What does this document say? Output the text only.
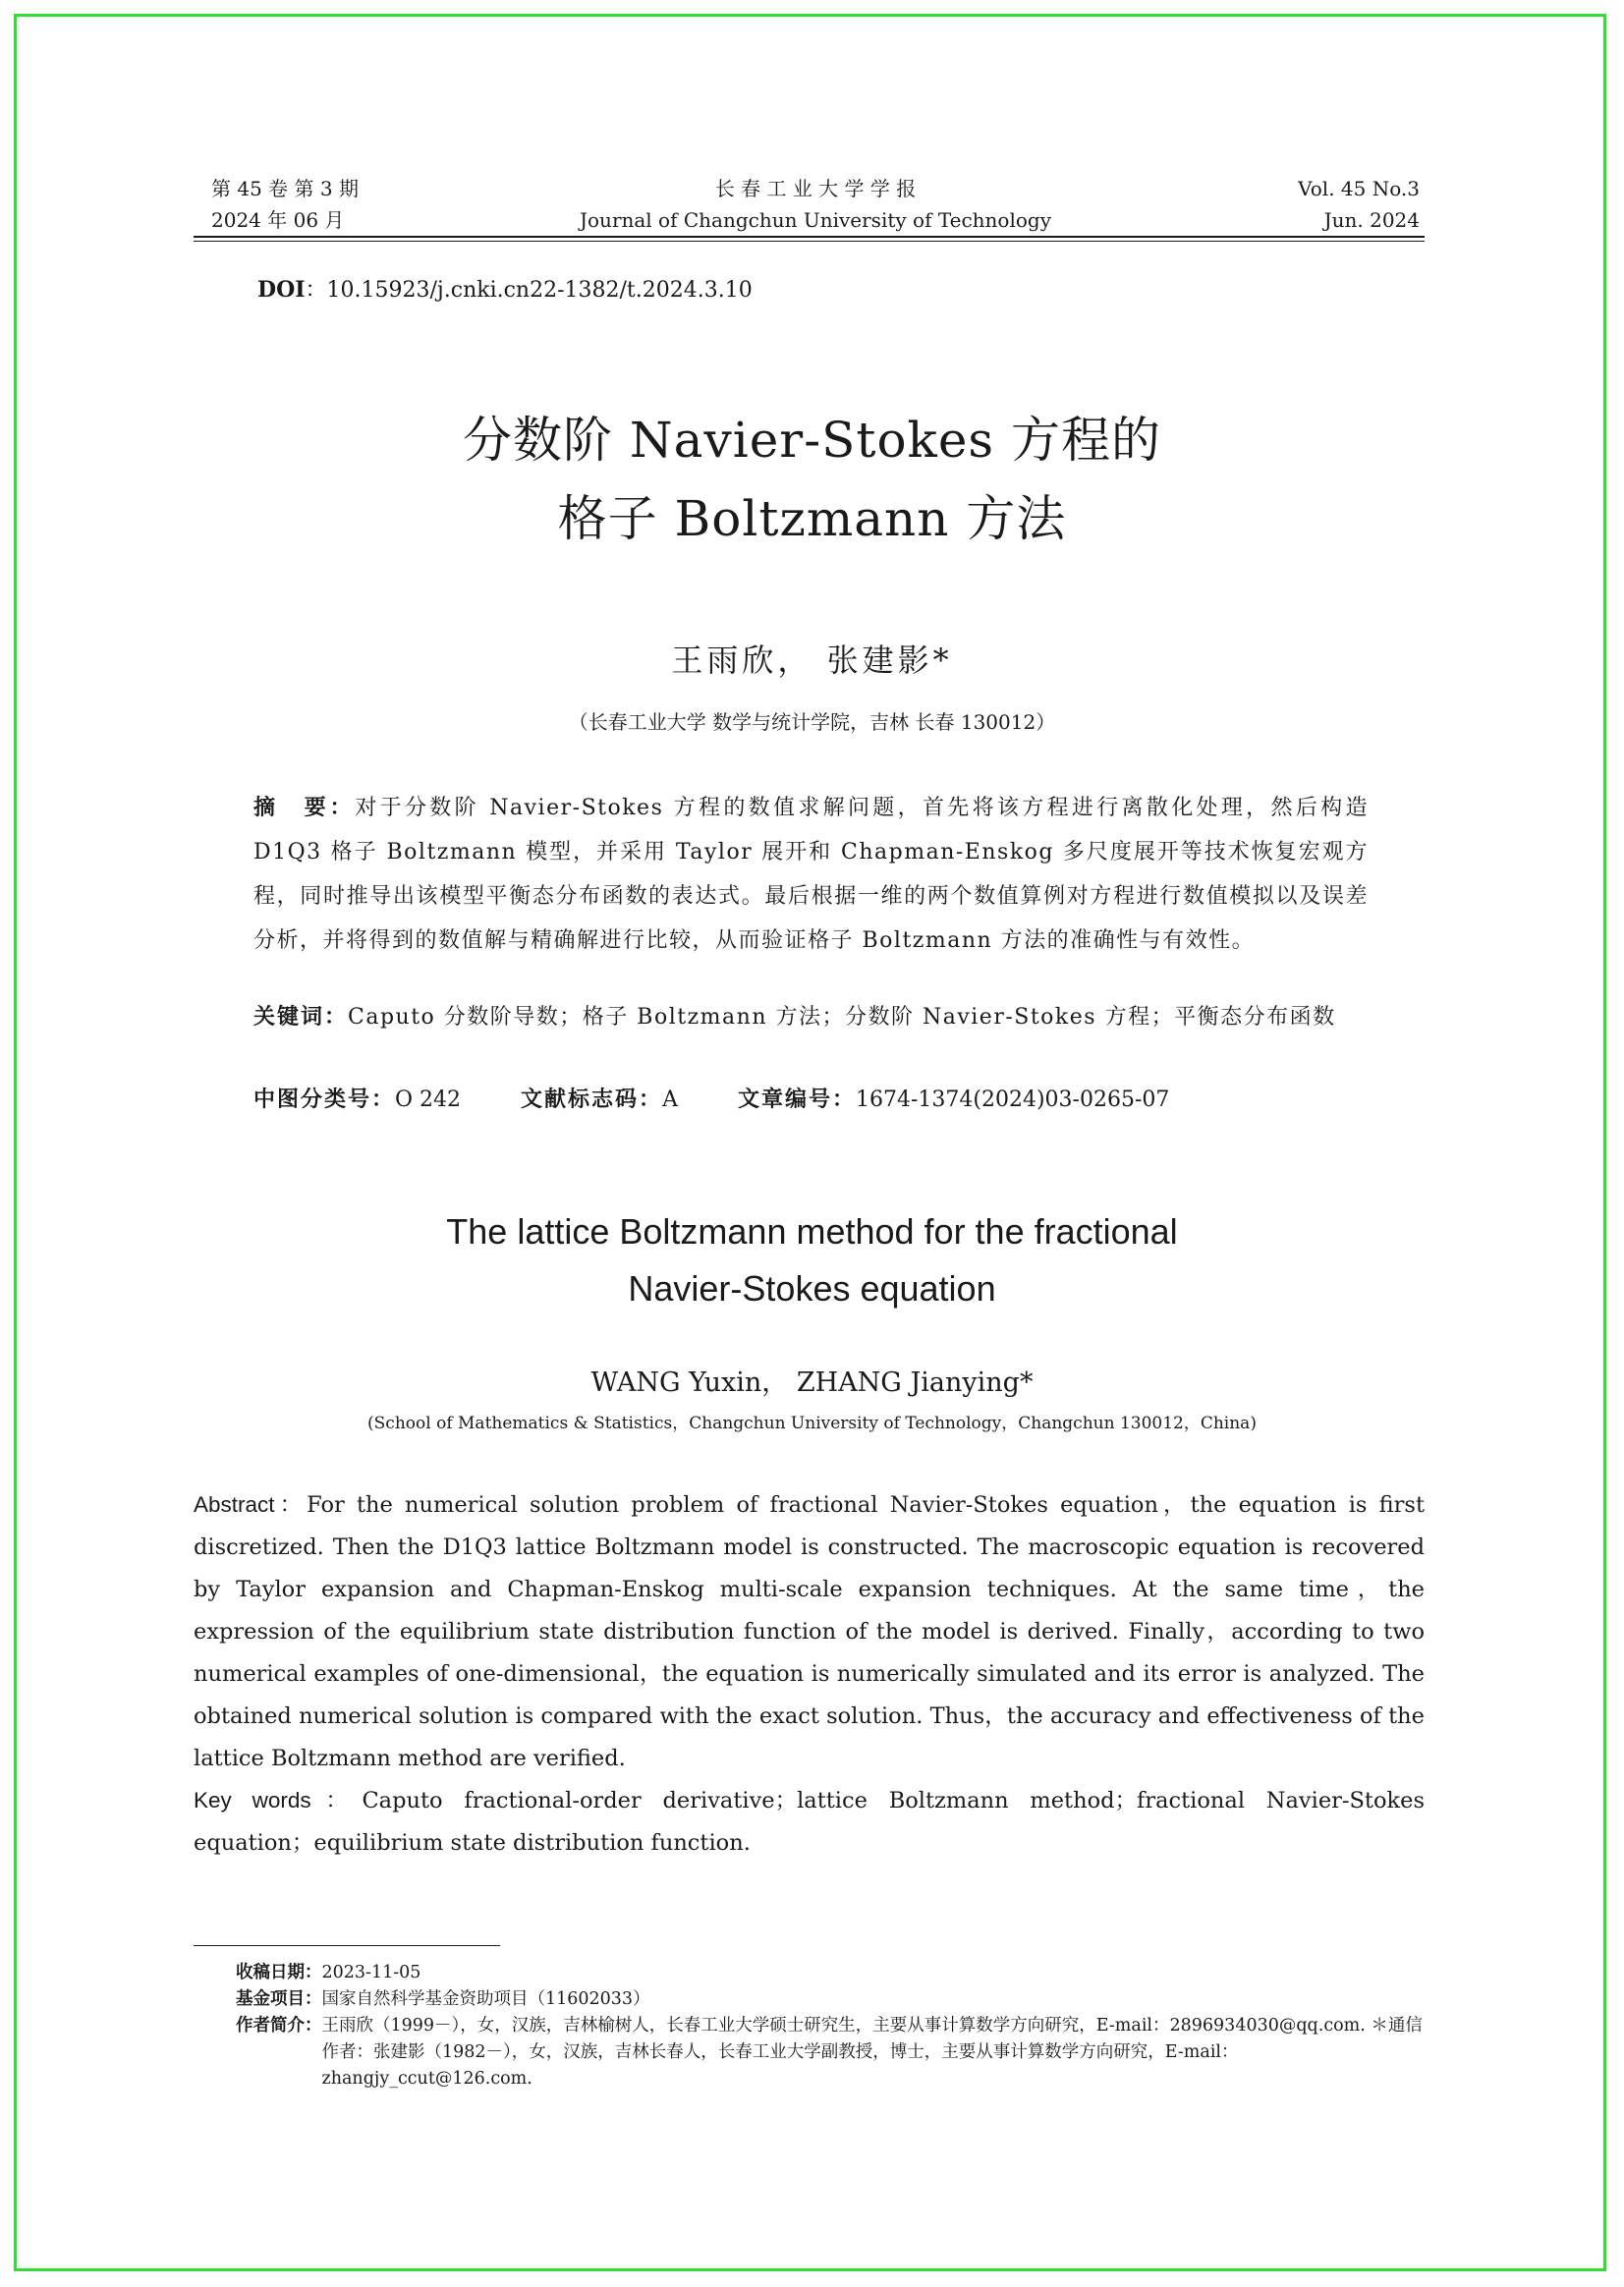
第 45 卷 第 3 期
2024 年 06 月
长 春 工 业 大 学 学 报
Journal of Changchun University of Technology
Vol. 45 No.3
Jun. 2024
DOI：10.15923/j.cnki.cn22-1382/t.2024.3.10
分数阶 Navier-Stokes 方程的
格子 Boltzmann 方法
王雨欣， 张建影*
（长春工业大学 数学与统计学院，吉林 长春 130012）
摘　要：对于分数阶 Navier-Stokes 方程的数值求解问题，首先将该方程进行离散化处理，然后构造 D1Q3 格子 Boltzmann 模型，并采用 Taylor 展开和 Chapman-Enskog 多尺度展开等技术恢复宏观方程，同时推导出该模型平衡态分布函数的表达式。最后根据一维的两个数值算例对方程进行数值模拟以及误差分析，并将得到的数值解与精确解进行比较，从而验证格子 Boltzmann 方法的准确性与有效性。
关键词：Caputo 分数阶导数；格子 Boltzmann 方法；分数阶 Navier-Stokes 方程；平衡态分布函数
中图分类号：O 242	文献标志码：A	文章编号：1674-1374(2024)03-0265-07
The lattice Boltzmann method for the fractional
Navier-Stokes equation
WANG Yuxin， ZHANG Jianying*
(School of Mathematics & Statistics，Changchun University of Technology，Changchun 130012，China)
Abstract：For the numerical solution problem of fractional Navier-Stokes equation，the equation is first discretized. Then the D1Q3 lattice Boltzmann model is constructed. The macroscopic equation is recovered by Taylor expansion and Chapman-Enskog multi-scale expansion techniques. At the same time，the expression of the equilibrium state distribution function of the model is derived. Finally，according to two numerical examples of one-dimensional，the equation is numerically simulated and its error is analyzed. The obtained numerical solution is compared with the exact solution. Thus，the accuracy and effectiveness of the lattice Boltzmann method are verified.
Key words：Caputo fractional-order derivative；lattice Boltzmann method；fractional Navier-Stokes equation；equilibrium state distribution function.
收稿日期： 2023-11-05
基金项目： 国家自然科学基金资助项目（11602033）
作者简介： 王雨欣（1999－），女，汉族，吉林榆树人，长春工业大学硕士研究生，主要从事计算数学方向研究，E-mail：2896934030@qq.com. ＊通信作者：张建影（1982－），女，汉族，吉林长春人，长春工业大学副教授，博士，主要从事计算数学方向研究，E-mail：zhangjy_ccut@126.com.
